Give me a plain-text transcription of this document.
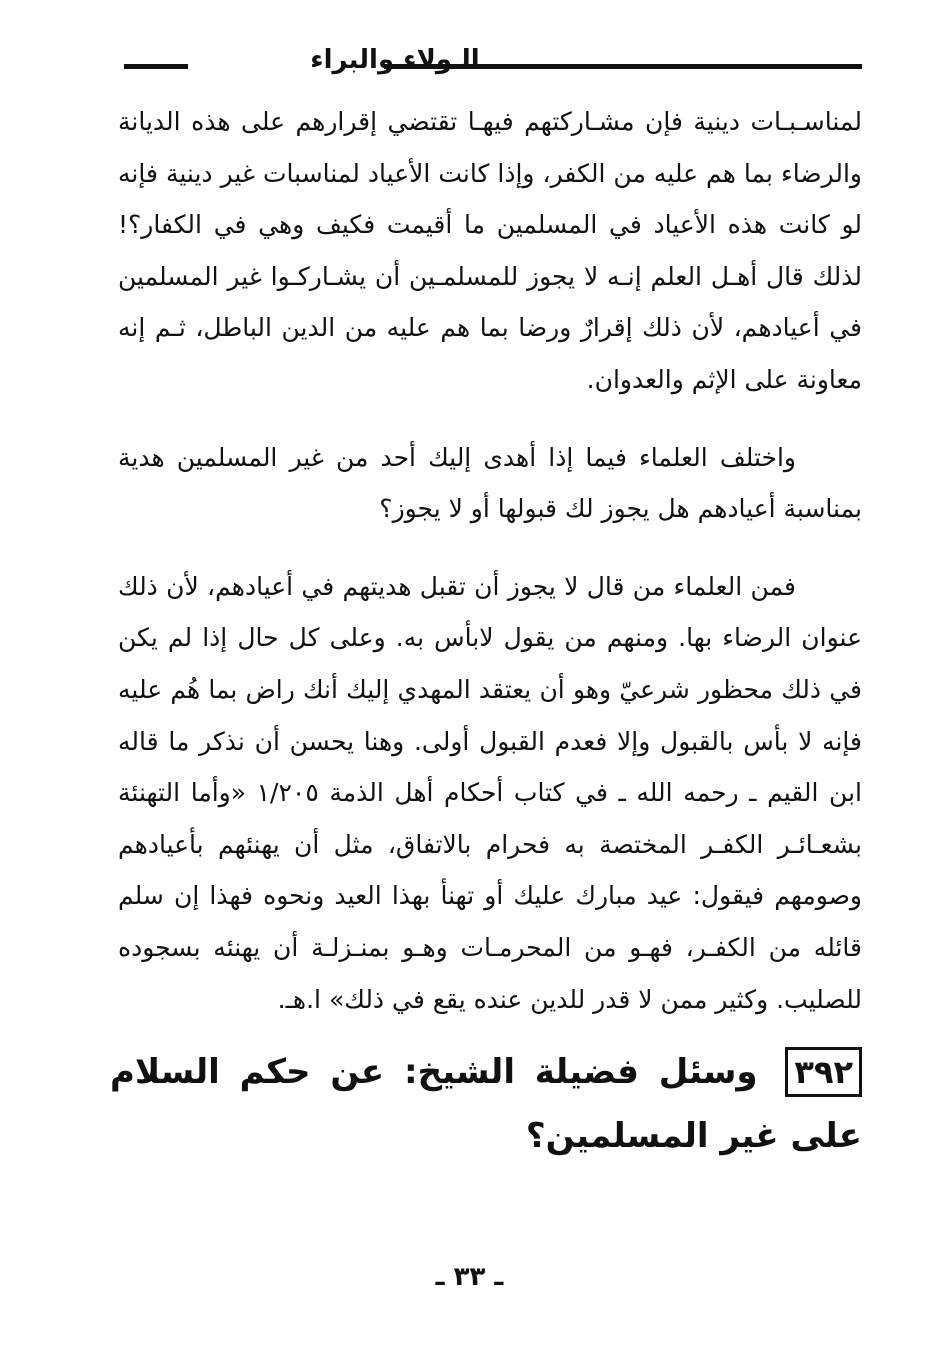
الـولاء والبراء

لمناسـبـات دينية فإن مشـاركتهم فيهـا تقتضي إقرارهم على هذه الديانة والرضاء بما هم عليه من الكفر، وإذا كانت الأعياد لمناسبات غير دينية فإنه لو كانت هذه الأعياد في المسلمين ما أقيمت فكيف وهي في الكفار؟! لذلك قال أهـل العلم إنـه لا يجوز للمسلمـين أن يشـاركـوا غير المسلمين في أعيادهم، لأن ذلك إقرارٌ ورضا بما هم عليه من الدين الباطل، ثـم إنه معاونة على الإثم والعدوان.

واختلف العلماء فيما إذا أهدى إليك أحد من غير المسلمين هدية بمناسبة أعيادهم هل يجوز لك قبولها أو لا يجوز؟

فمن العلماء من قال لا يجوز أن تقبل هديتهم في أعيادهم، لأن ذلك عنوان الرضاء بها. ومنهم من يقول لابأس به. وعلى كل حال إذا لم يكن في ذلك محظور شرعيّ وهو أن يعتقد المهدي إليك أنك راض بما هُم عليه فإنه لا بأس بالقبول وإلا فعدم القبول أولى. وهنا يحسن أن نذكر ما قاله ابن القيم ـ رحمه الله ـ في كتاب أحكام أهل الذمة ١/٢٠٥ «وأما التهنئة بشعـائـر الكفـر المختصة به فحرام بالاتفاق، مثل أن يهنئهم بأعيادهم وصومهم فيقول: عيد مبارك عليك أو تهنأ بهذا العيد ونحوه فهذا إن سلم قائله من الكفـر، فهـو من المحرمـات وهـو بمنـزلـة أن يهنئه بسجوده للصليب. وكثير ممن لا قدر للدين عنده يقع في ذلك» ا.هـ.

٣٩٢ وسئل فضيلة الشيخ: عن حكم السلام على غير المسلمين؟
ـ ٣٣ ـ
